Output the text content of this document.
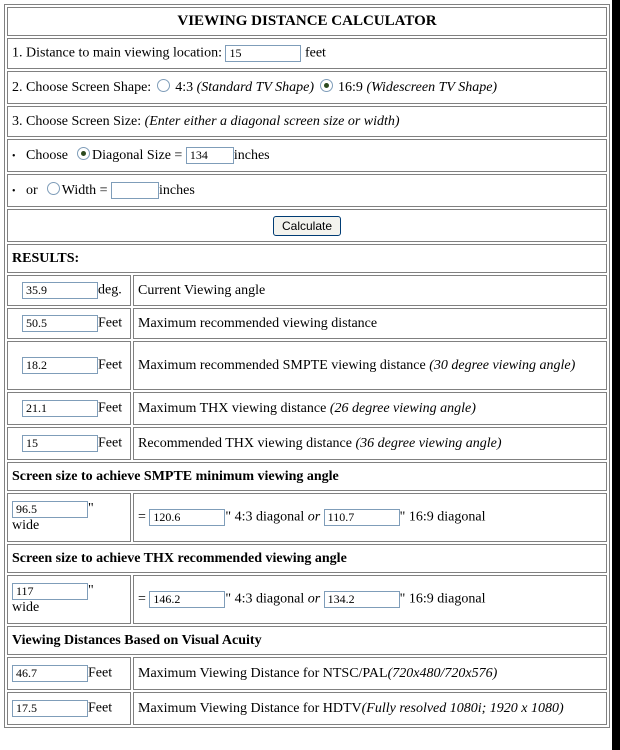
VIEWING DISTANCE CALCULATOR	
1. Distance to main viewing location: 15 feet
2. Choose Screen Shape: 4:3 (Standard TV Shape) 16:9 (Widescreen TV Shape)	
3. Choose Screen Size: (Enter either a diagonal screen size or width)	
• Choose Diagonal Size = 134 inches
• or Width = inches	
Calculate	
RESULTS:	
35.9deg.	Current Viewing angle
50.5Feet	Maximum recommended viewing distance
18.2Feet	Maximum recommended SMPTE viewing distance (30 degree viewing angle)
21.1Feet	Maximum THX viewing distance (26 degree viewing angle)
15Feet	Recommended THX viewing distance (36 degree viewing angle)
Screen size to achieve SMPTE minimum viewing angle	
96.5"
wide	= 120.6 " 4:3 diagonal or 110.7 " 16:9 diagonal
Screen size to achieve THX recommended viewing angle	
117"
wide	= 146.2 " 4:3 diagonal or 134.2 " 16:9 diagonal
Viewing Distances Based on Visual Acuity	
46.7Feet	Maximum Viewing Distance for NTSC/PAL(720x480/720x576)
17.5Feet	Maximum Viewing Distance for HDTV(Fully resolved 1080i; 1920 x 1080)
